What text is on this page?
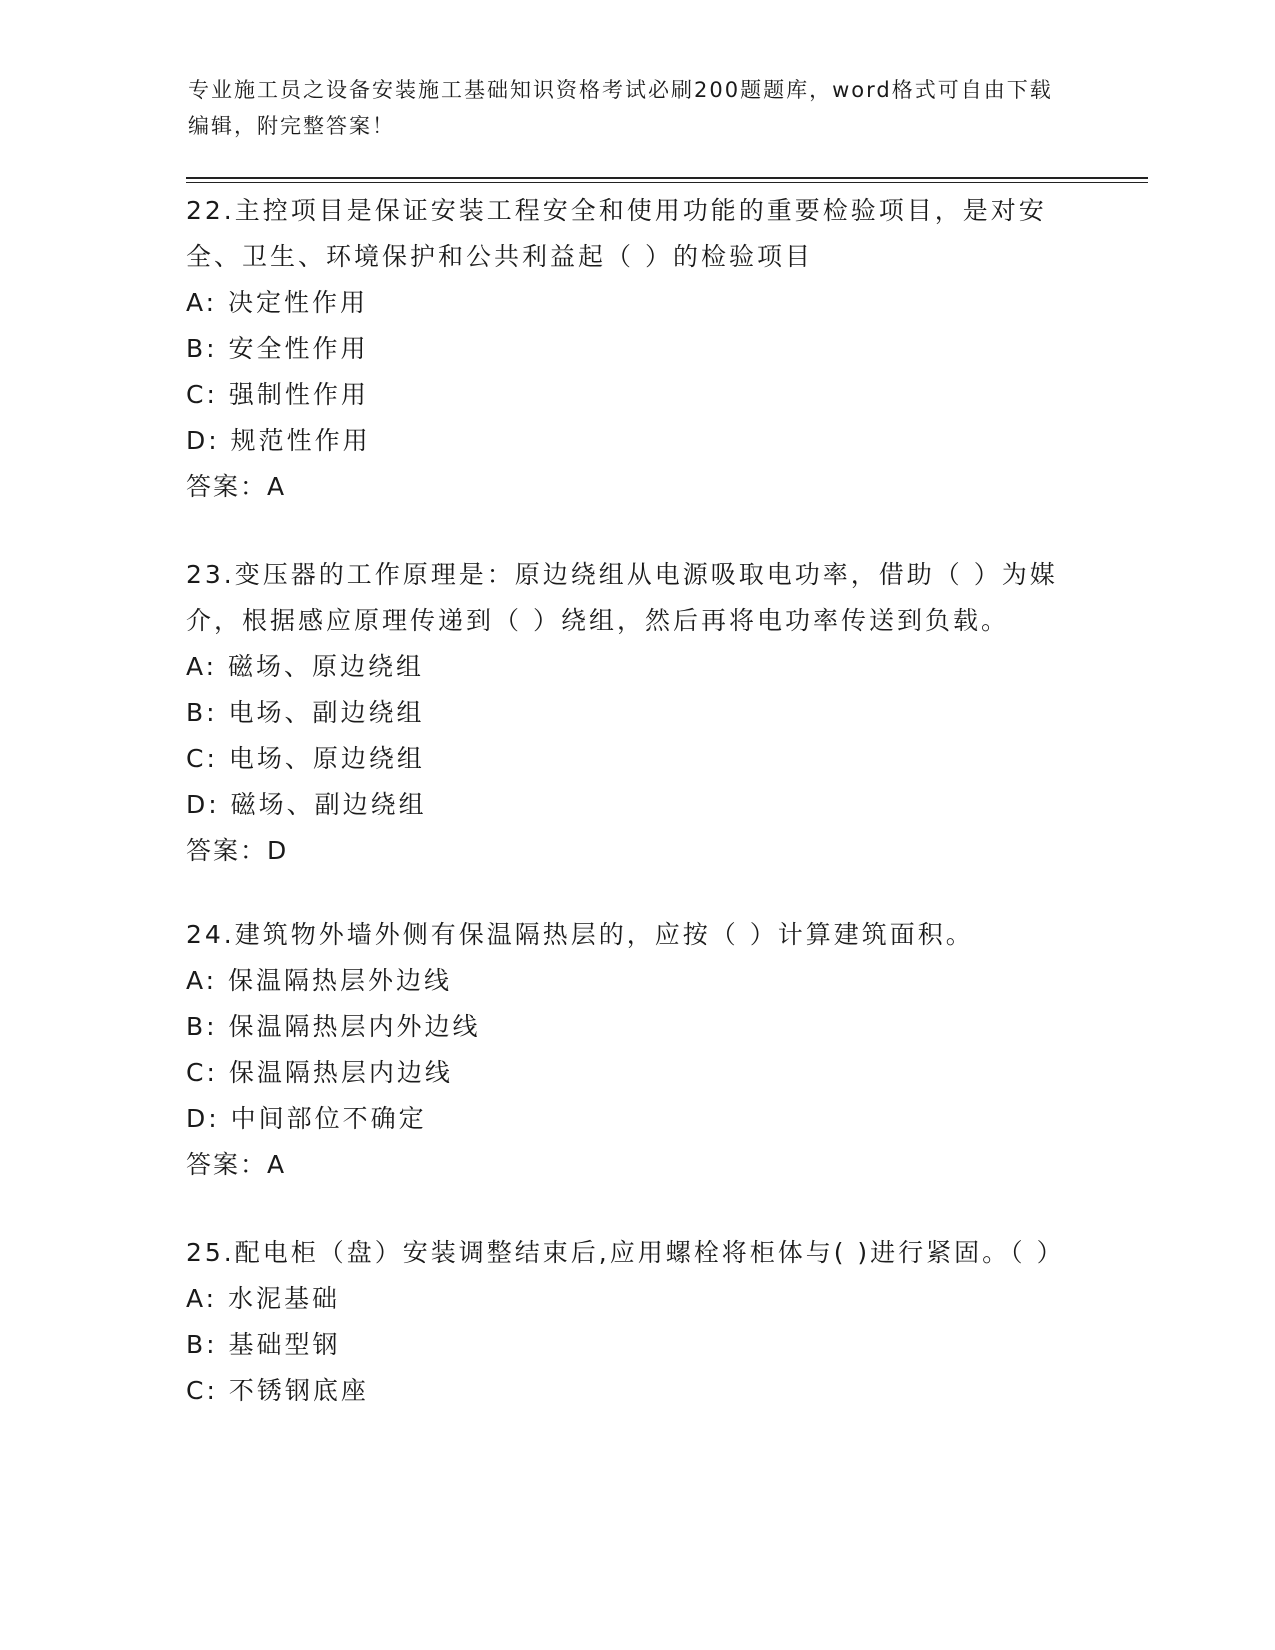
专业施工员之设备安装施工基础知识资格考试必刷200题题库，word格式可自由下载编辑，附完整答案！

22.主控项目是保证安装工程安全和使用功能的重要检验项目，是对安全、卫生、环境保护和公共利益起（ ）的检验项目

A: 决定性作用

B: 安全性作用

C: 强制性作用

D: 规范性作用

答案：A

23.变压器的工作原理是：原边绕组从电源吸取电功率，借助（ ）为媒介，根据感应原理传递到（ ）绕组，然后再将电功率传送到负载。

A: 磁场、原边绕组

B: 电场、副边绕组

C: 电场、原边绕组

D: 磁场、副边绕组

答案：D

24.建筑物外墙外侧有保温隔热层的，应按（ ）计算建筑面积。

A: 保温隔热层外边线

B: 保温隔热层内外边线

C: 保温隔热层内边线

D: 中间部位不确定

答案：A

25.配电柜（盘）安装调整结束后,应用螺栓将柜体与( )进行紧固。（ ）

A: 水泥基础

B: 基础型钢

C: 不锈钢底座
